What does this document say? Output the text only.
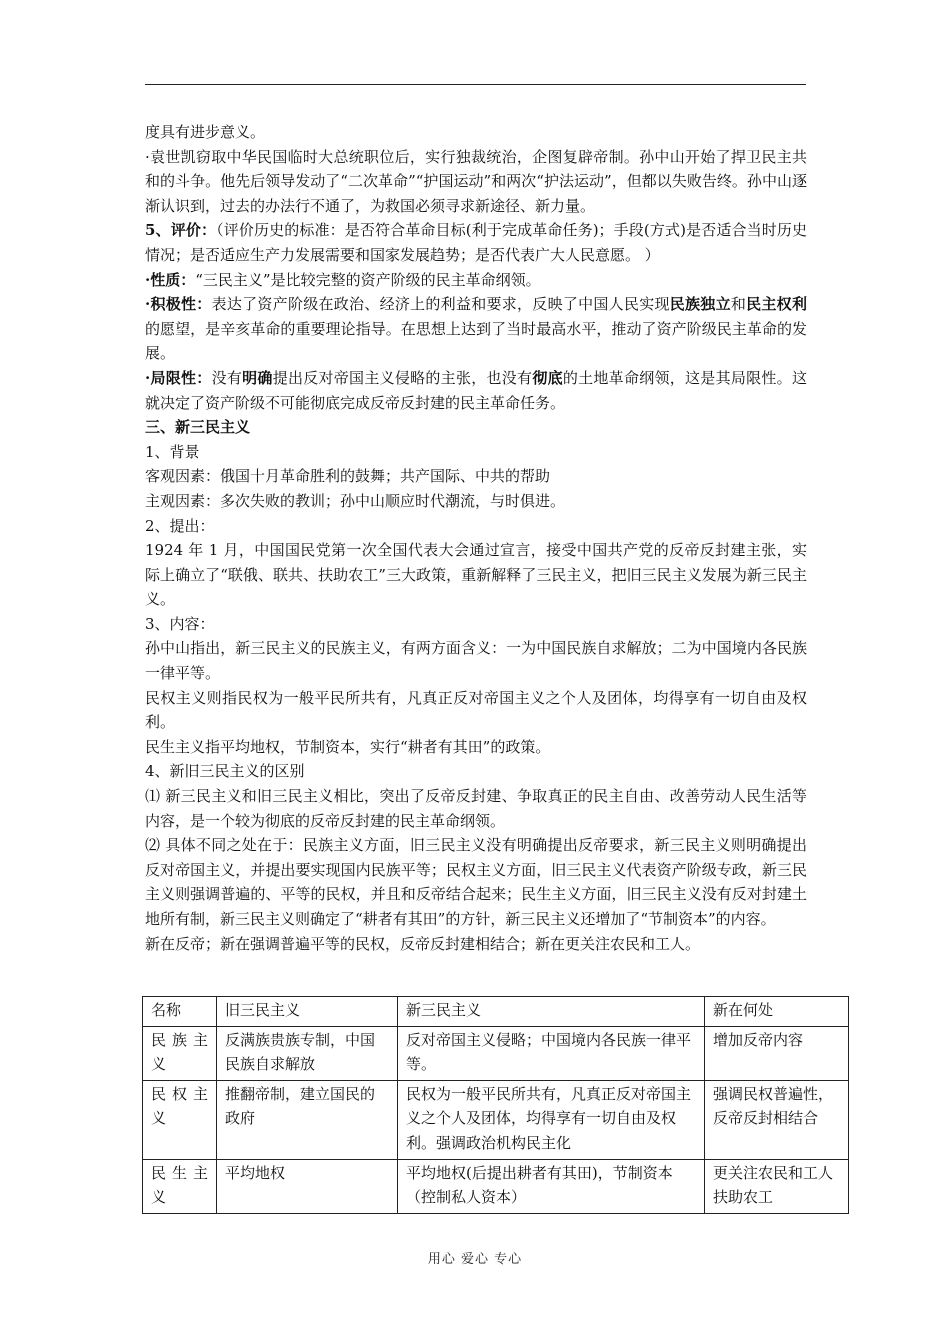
度具有进步意义。

·袁世凯窃取中华民国临时大总统职位后，实行独裁统治，企图复辟帝制。孙中山开始了捍卫民主共和的斗争。他先后领导发动了“二次革命”“护国运动”和两次“护法运动”，但都以失败告终。孙中山逐渐认识到，过去的办法行不通了，为救国必须寻求新途径、新力量。

5、评价：（评价历史的标准：是否符合革命目标(利于完成革命任务)；手段(方式)是否适合当时历史情况；是否适应生产力发展需要和国家发展趋势；是否代表广大人民意愿。 ）

·性质：“三民主义”是比较完整的资产阶级的民主革命纲领。

·积极性：表达了资产阶级在政治、经济上的利益和要求，反映了中国人民实现民族独立和民主权利的愿望，是辛亥革命的重要理论指导。在思想上达到了当时最高水平，推动了资产阶级民主革命的发展。

·局限性：没有明确提出反对帝国主义侵略的主张，也没有彻底的土地革命纲领，这是其局限性。这就决定了资产阶级不可能彻底完成反帝反封建的民主革命任务。

三、新三民主义

1、背景

客观因素：俄国十月革命胜利的鼓舞；共产国际、中共的帮助

主观因素：多次失败的教训；孙中山顺应时代潮流，与时俱进。

2、提出：

1924 年 1 月，中国国民党第一次全国代表大会通过宣言，接受中国共产党的反帝反封建主张，实际上确立了“联俄、联共、扶助农工”三大政策，重新解释了三民主义，把旧三民主义发展为新三民主义。

3、内容：

孙中山指出，新三民主义的民族主义，有两方面含义：一为中国民族自求解放；二为中国境内各民族一律平等。

民权主义则指民权为一般平民所共有，凡真正反对帝国主义之个人及团体，均得享有一切自由及权利。

民生主义指平均地权，节制资本，实行“耕者有其田”的政策。

4、新旧三民主义的区别

⑴ 新三民主义和旧三民主义相比，突出了反帝反封建、争取真正的民主自由、改善劳动人民生活等内容，是一个较为彻底的反帝反封建的民主革命纲领。

⑵ 具体不同之处在于：民族主义方面，旧三民主义没有明确提出反帝要求，新三民主义则明确提出反对帝国主义，并提出要实现国内民族平等；民权主义方面，旧三民主义代表资产阶级专政，新三民主义则强调普遍的、平等的民权，并且和反帝结合起来；民生主义方面，旧三民主义没有反对封建土地所有制，新三民主义则确定了“耕者有其田”的方针，新三民主义还增加了“节制资本”的内容。

新在反帝；新在强调普遍平等的民权，反帝反封建相结合；新在更关注农民和工人。

名称	旧三民主义	新三民主义	新在何处
民族主义	反满族贵族专制，中国民族自求解放	反对帝国主义侵略；中国境内各民族一律平等。	增加反帝内容
民权主义	推翻帝制，建立国民的政府	民权为一般平民所共有，凡真正反对帝国主义之个人及团体，均得享有一切自由及权利。强调政治机构民主化	强调民权普遍性，反帝反封相结合
民生主义	平均地权	平均地权(后提出耕者有其田)，节制资本（控制私人资本）	更关注农民和工人扶助农工
用心 爱心 专心
